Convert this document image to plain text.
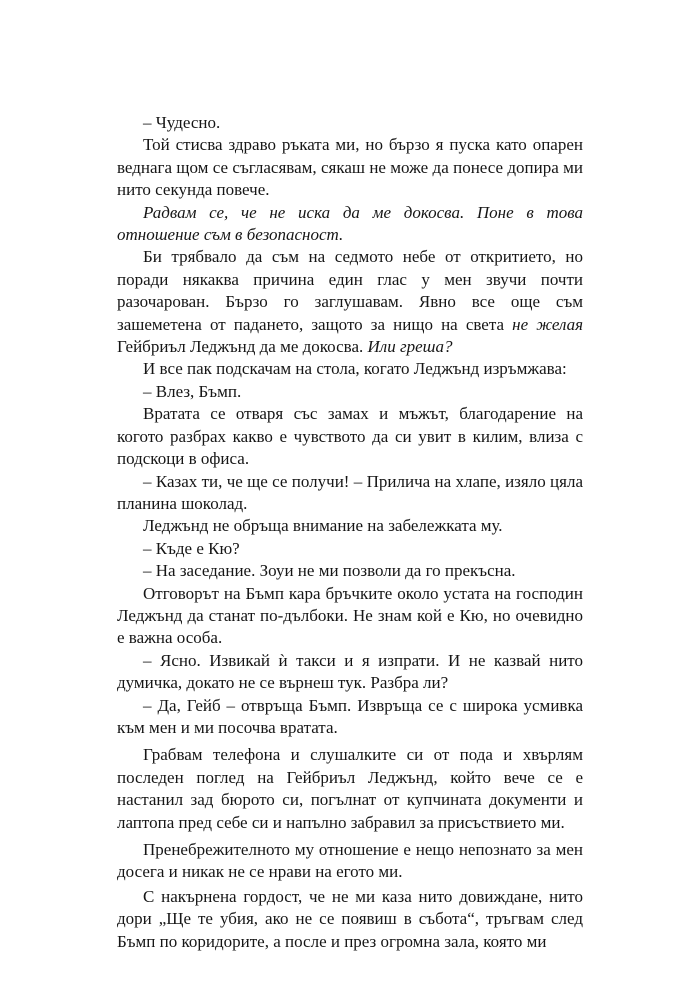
– Чудесно.

Той стисва здраво ръката ми, но бързо я пуска като опарен веднага щом се съгласявам, сякаш не може да понесе допира ми нито секунда повече.

Радвам се, че не иска да ме докосва. Поне в това отношение съм в безопасност.

Би трябвало да съм на седмото небе от откритието, но поради някаква причина един глас у мен звучи почти разочарован. Бързо го заглушавам. Явно все още съм зашеметена от падането, защото за нищо на света не желая Гейбриъл Леджънд да ме докосва. Или греша?

И все пак подскачам на стола, когато Леджънд изръмжава:

– Влез, Бъмп.

Вратата се отваря със замах и мъжът, благодарение на когото разбрах какво е чувството да си увит в килим, влиза с подскоци в офиса.

– Казах ти, че ще се получи! – Прилича на хлапе, изяло цяла планина шоколад.

Леджънд не обръща внимание на забележката му.

– Къде е Кю?

– На заседание. Зоуи не ми позволи да го прекъсна.

Отговорът на Бъмп кара бръчките около устата на господин Леджънд да станат по-дълбоки. Не знам кой е Кю, но очевидно е важна особа.

– Ясно. Извикай ѝ такси и я изпрати. И не казвай нито думичка, докато не се върнеш тук. Разбра ли?

– Да, Гейб – отвръща Бъмп. Извръща се с широка усмивка към мен и ми посочва вратата.

Грабвам телефона и слушалките си от пода и хвърлям последен поглед на Гейбриъл Леджънд, който вече се е настанил зад бюрото си, погълнат от купчината документи и лаптопа пред себе си и напълно забравил за присъствието ми.

Пренебрежителното му отношение е нещо непознато за мен досега и никак не се нрави на егото ми.

С накърнена гордост, че не ми каза нито довиждане, нито дори „Ще те убия, ако не се появиш в събота“, тръгвам след Бъмп по коридорите, а после и през огромна зала, която ми
